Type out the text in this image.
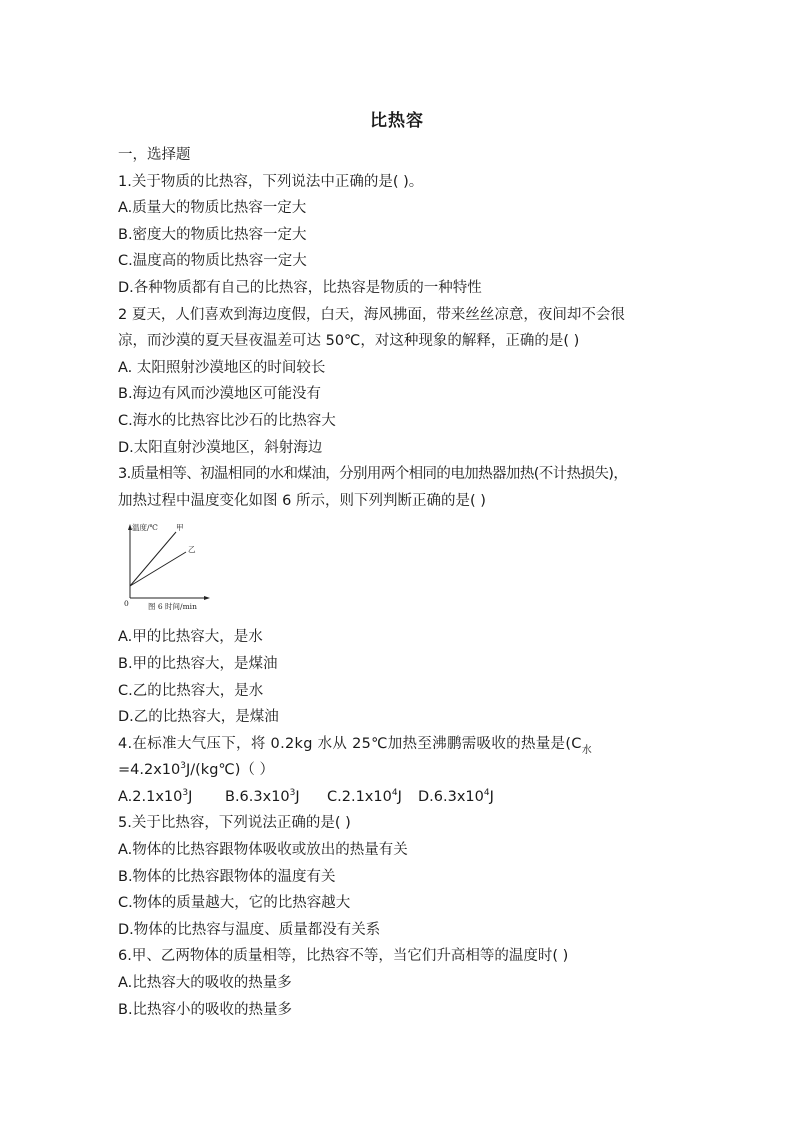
比热容
一，选择题
1.关于物质的比热容，下列说法中正确的是( )。
A.质量大的物质比热容一定大
B.密度大的物质比热容一定大
C.温度高的物质比热容一定大
D.各种物质都有自己的比热容，比热容是物质的一种特性
2 夏天，人们喜欢到海边度假，白天，海风拂面，带来丝丝凉意，夜间却不会很
凉，而沙漠的夏天昼夜温差可达 50℃，对这种现象的解释，正确的是( )
A. 太阳照射沙漠地区的时间较长
B.海边有风而沙漠地区可能没有
C.海水的比热容比沙石的比热容大
D.太阳直射沙漠地区，斜射海边
3.质量相等、初温相同的水和煤油，分别用两个相同的电加热器加热(不计热损失)，
加热过程中温度变化如图 6 所示，则下列判断正确的是( )
温度/℃ 甲
乙
0	图 6 时间/min
A.甲的比热容大，是水
B.甲的比热容大，是煤油
C.乙的比热容大，是水
D.乙的比热容大，是煤油
4.在标准大气压下，将 0.2kg 水从 25℃加热至沸鹏需吸收的热量是($C_水$
$=4.2x10^3J/(kg℃)$（ ）
$A.2.1x10^3J$ $B.6.3x10^3J$ $C.2.1x10^4J$ $D.6.3x10^4J$
5.关于比热容，下列说法正确的是( )
A.物体的比热容跟物体吸收或放出的热量有关
B.物体的比热容跟物体的温度有关
C.物体的质量越大，它的比热容越大
D.物体的比热容与温度、质量都没有关系
6.甲、乙两物体的质量相等，比热容不等，当它们升高相等的温度时( )
A.比热容大的吸收的热量多
B.比热容小的吸收的热量多
